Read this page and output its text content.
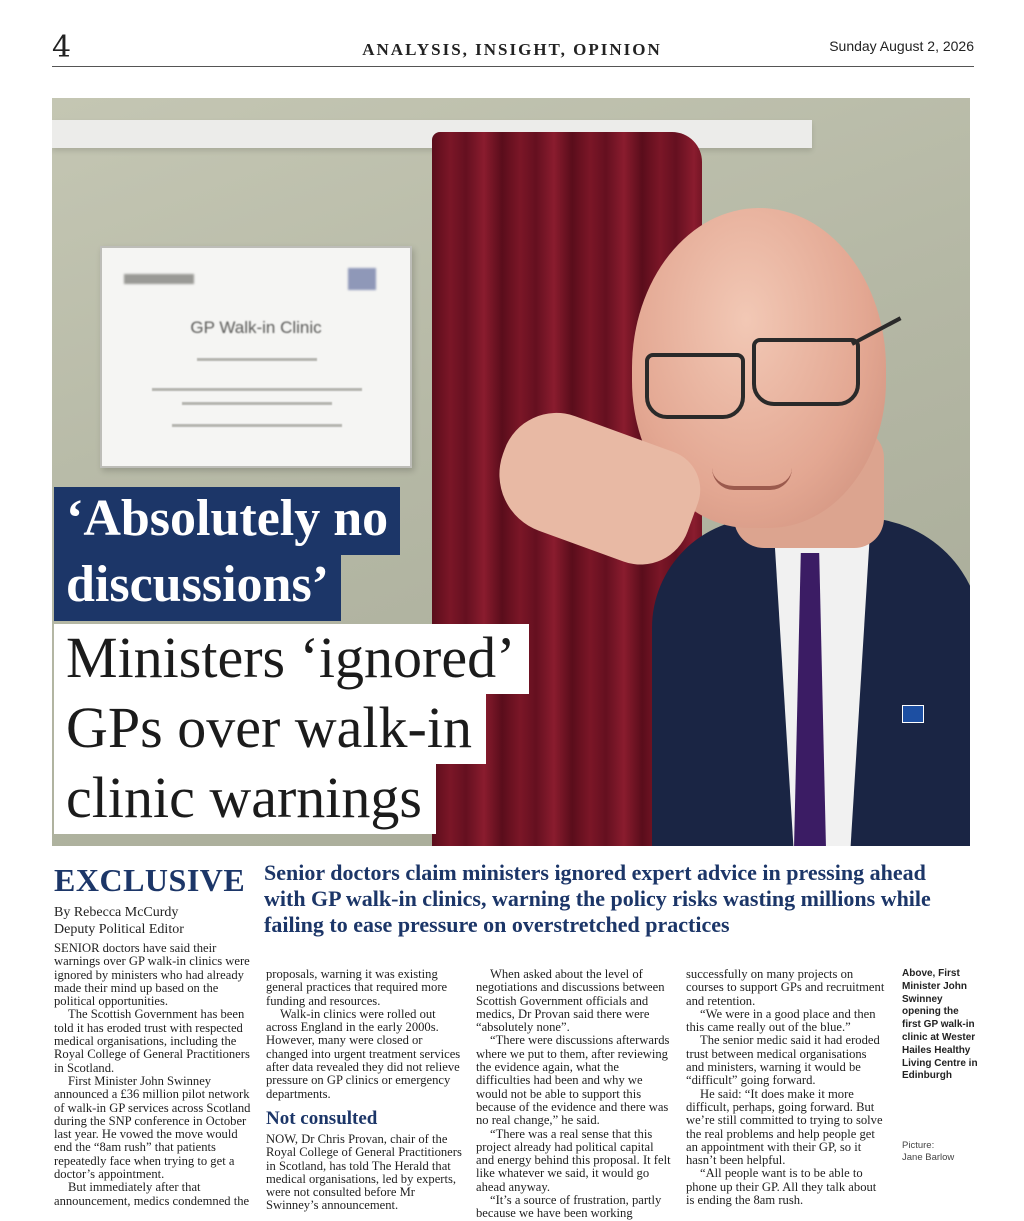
4	ANALYSIS, INSIGHT, OPINION	Sunday August 2, 2026
GP Walk-in Clinic
‘Absolutely no
discussions’
Ministers ‘ignored’
GPs over walk-in
clinic warnings
EXCLUSIVE Senior doctors claim ministers ignored expert advice in pressing ahead with GP walk-in clinics, warning the policy risks wasting millions while failing to ease pressure on overstretched practices
By Rebecca McCurdy
Deputy Political Editor

SENIOR doctors have said their warnings over GP walk-in clinics were ignored by ministers who had already made their mind up based on the political opportunities.

The Scottish Government has been told it has eroded trust with respected medical organisations, including the Royal College of General Practitioners in Scotland.

First Minister John Swinney announced a £36 million pilot network of walk-in GP services across Scotland during the SNP conference in October last year. He vowed the move would end the “8am rush” that patients repeatedly face when trying to get a doctor’s appointment.

But immediately after that announcement, medics condemned the

proposals, warning it was existing general practices that required more funding and resources.

Walk-in clinics were rolled out across England in the early 2000s. However, many were closed or changed into urgent treatment services after data revealed they did not relieve pressure on GP clinics or emergency departments.

Not consulted

NOW, Dr Chris Provan, chair of the Royal College of General Practitioners in Scotland, has told The Herald that medical organisations, led by experts, were not consulted before Mr Swinney’s announcement.

When asked about the level of negotiations and discussions between Scottish Government officials and medics, Dr Provan said there were “absolutely none”.

“There were discussions afterwards where we put to them, after reviewing the evidence again, what the difficulties had been and why we would not be able to support this because of the evidence and there was no real change,” he said.

“There was a real sense that this project already had political capital and energy behind this proposal. It felt like whatever we said, it would go ahead anyway.

“It’s a source of frustration, partly because we have been working

successfully on many projects on courses to support GPs and recruitment and retention.

“We were in a good place and then this came really out of the blue.”

The senior medic said it had eroded trust between medical organisations and ministers, warning it would be “difficult” going forward.

He said: “It does make it more difficult, perhaps, going forward. But we’re still committed to trying to solve the real problems and help people get an appointment with their GP, so it hasn’t been helpful.

“All people want is to be able to phone up their GP. All they talk about is ending the 8am rush.

Above, First Minister John Swinney opening the first GP walk-in clinic at Wester Hailes Healthy Living Centre in Edinburgh
Picture:
Jane Barlow
